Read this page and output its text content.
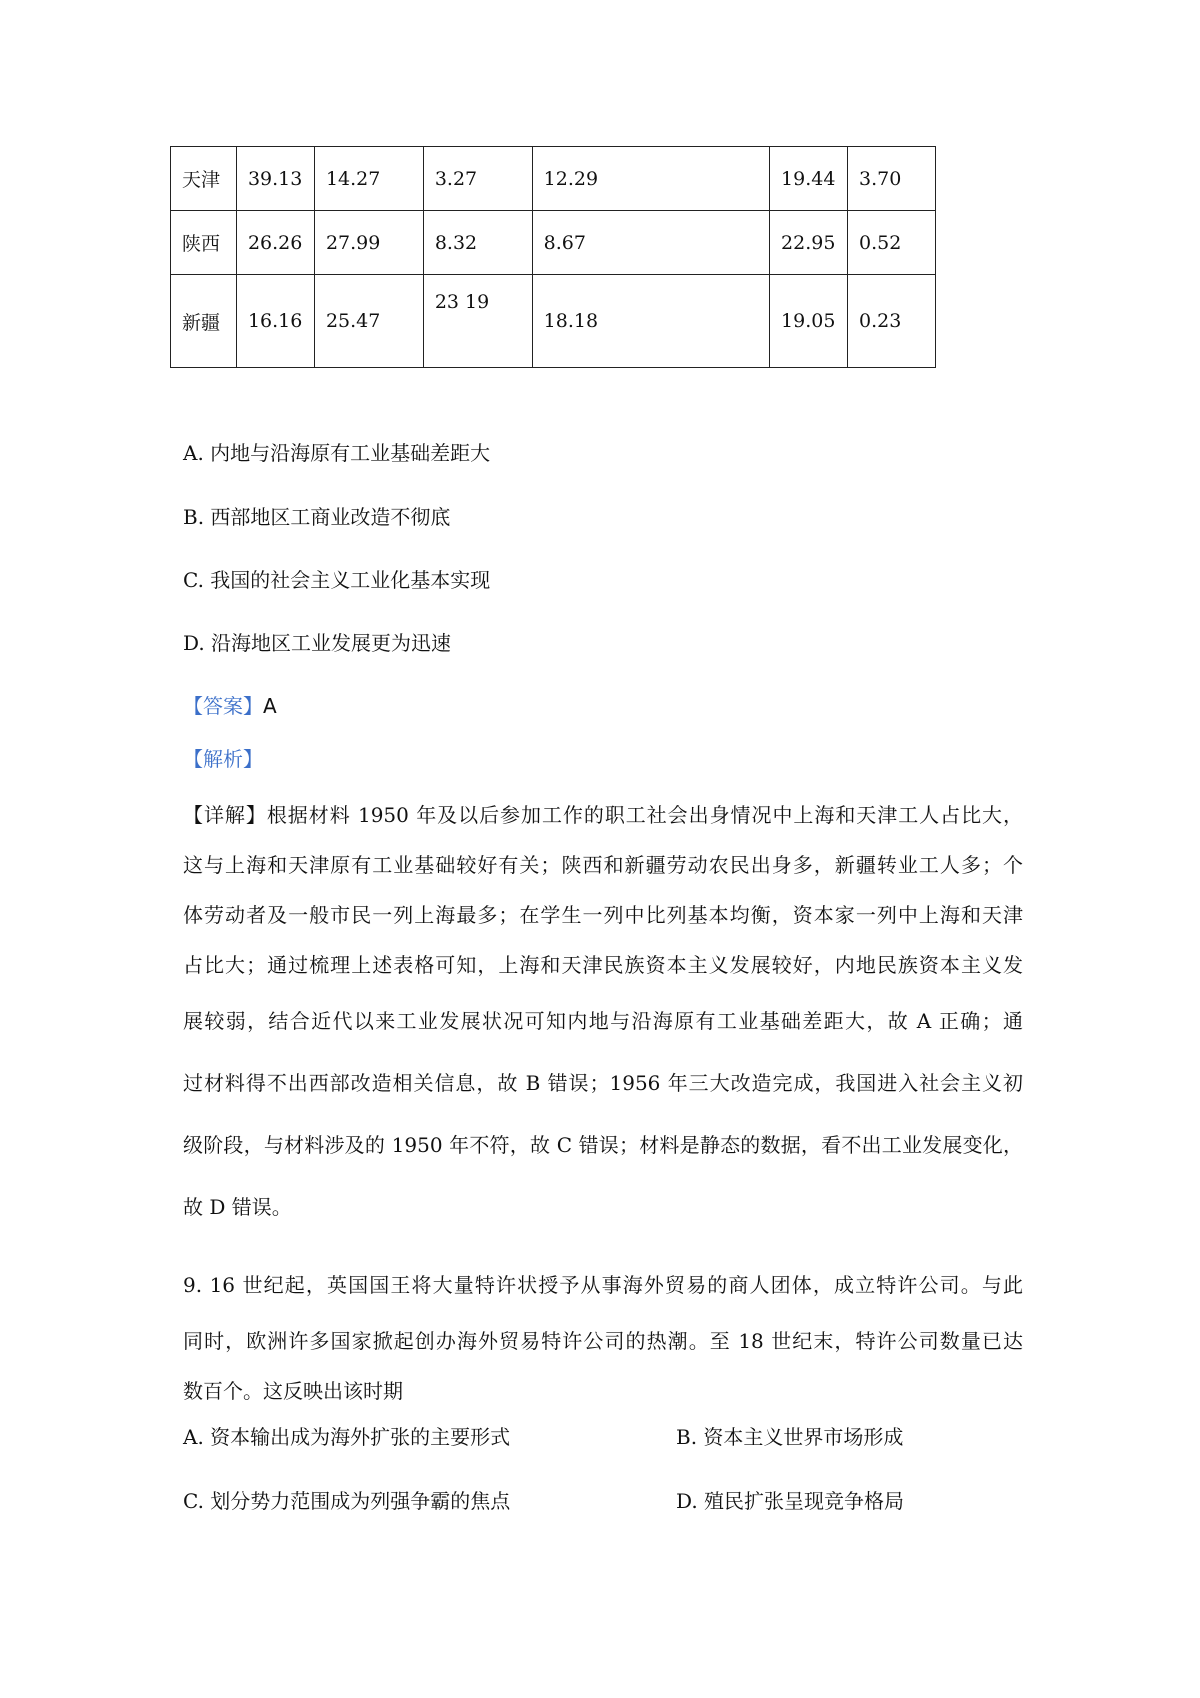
天津	39.13	14.27	3.27	12.29	19.44	3.70
陕西	26.26	27.99	8.32	8.67	22.95	0.52
新疆	16.16	25.47	23 19	18.18	19.05	0.23
A. 内地与沿海原有工业基础差距大
B. 西部地区工商业改造不彻底
C. 我国的社会主义工业化基本实现
D. 沿海地区工业发展更为迅速
【答案】A
【解析】
【详解】根据材料 1950 年及以后参加工作的职工社会出身情况中上海和天津工人占比大，
这与上海和天津原有工业基础较好有关；陕西和新疆劳动农民出身多，新疆转业工人多；个
体劳动者及一般市民一列上海最多；在学生一列中比列基本均衡，资本家一列中上海和天津
占比大；通过梳理上述表格可知，上海和天津民族资本主义发展较好，内地民族资本主义发
展较弱，结合近代以来工业发展状况可知内地与沿海原有工业基础差距大，故 A 正确；通
过材料得不出西部改造相关信息，故 B 错误；1956 年三大改造完成，我国进入社会主义初
级阶段，与材料涉及的 1950 年不符，故 C 错误；材料是静态的数据，看不出工业发展变化，
故 D 错误。
9. 16 世纪起，英国国王将大量特许状授予从事海外贸易的商人团体，成立特许公司。与此
同时，欧洲许多国家掀起创办海外贸易特许公司的热潮。至 18 世纪末，特许公司数量已达
数百个。这反映出该时期
A. 资本输出成为海外扩张的主要形式	B. 资本主义世界市场形成
C. 划分势力范围成为列强争霸的焦点	D. 殖民扩张呈现竞争格局
